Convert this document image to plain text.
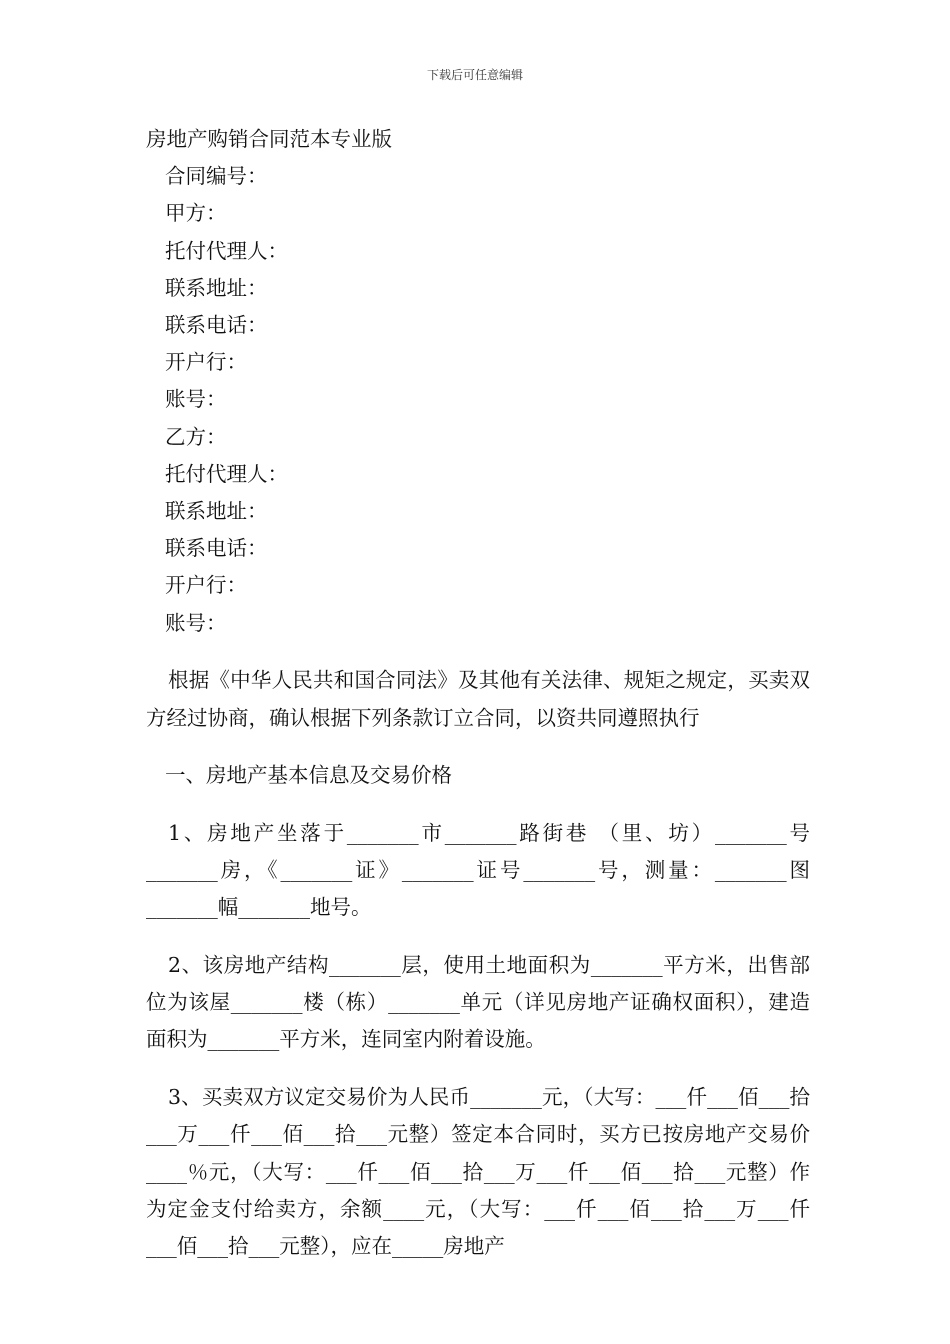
下载后可任意编辑

房地产购销合同范本专业版

合同编号：

甲方：

托付代理人：

联系地址：

联系电话：

开户行：

账号：

乙方：

托付代理人：

联系地址：

联系电话：

开户行：

账号：

根据《中华人民共和国合同法》及其他有关法律、规矩之规定，买卖双方经过协商，确认根据下列条款订立合同，以资共同遵照执行

一、房地产基本信息及交易价格

1、房地产坐落于_______市_______路街巷 （里、坊）_______号_______房，《_______证》_______证号_______号，测量：_______图_______幅_______地号。

2、该房地产结构_______层，使用土地面积为_______平方米，出售部位为该屋_______楼（栋）_______单元（详见房地产证确权面积），建造面积为_______平方米，连同室内附着设施。

3、买卖双方议定交易价为人民币_______元，（大写：___仟___佰___拾___万___仟___佰___拾___元整）签定本合同时，买方已按房地产交易价____％元，（大写：___仟___佰___拾___万___仟___佰___拾___元整）作为定金支付给卖方，余额____元，（大写：___仟___佰___拾___万___仟___佰___拾___元整），应在_____房地产
